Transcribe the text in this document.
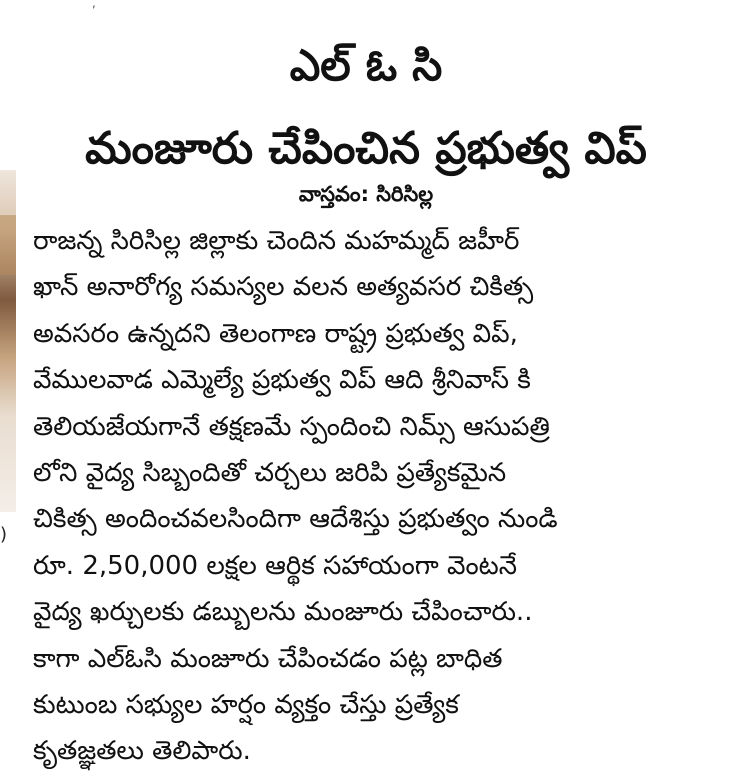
,
)
ఎల్ ఓ సి
మంజూరు చేపించిన ప్రభుత్వ విప్
వాస్తవం: సిరిసిల్ల
రాజన్న సిరిసిల్ల జిల్లాకు చెందిన మహమ్మద్ జహీర్
ఖాన్ అనారోగ్య సమస్యల వలన అత్యవసర చికిత్స
అవసరం ఉన్నదని తెలంగాణ రాష్ట్ర ప్రభుత్వ విప్,
వేములవాడ ఎమ్మెల్యే ప్రభుత్వ విప్ ఆది శ్రీనివాస్ కి
తెలియజేయగానే తక్షణమే స్పందించి నిమ్స్ ఆసుపత్రి
లోని వైద్య సిబ్బందితో చర్చలు జరిపి ప్రత్యేకమైన
చికిత్స అందించవలసిందిగా ఆదేశిస్తు ప్రభుత్వం నుండి
రూ. 2,50,000 లక్షల ఆర్థిక సహాయంగా వెంటనే
వైద్య ఖర్చులకు డబ్బులను మంజూరు చేపించారు..
కాగా ఎల్ఓసి మంజూరు చేపించడం పట్ల బాధిత
కుటుంబ సభ్యుల హర్షం వ్యక్తం చేస్తు ప్రత్యేక
కృతజ్ఞతలు తెలిపారు.
